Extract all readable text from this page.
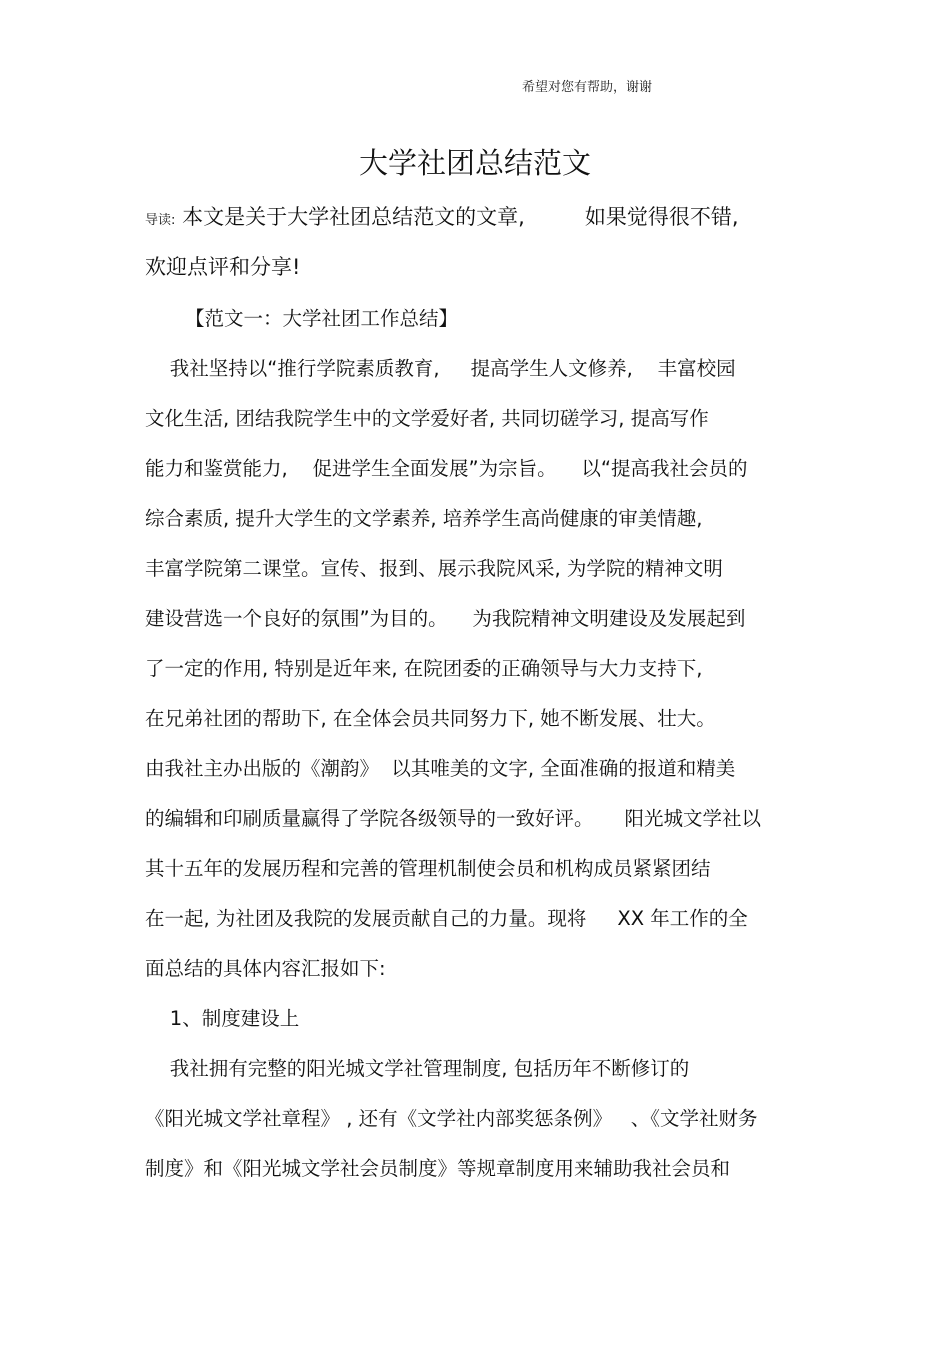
希望对您有帮助，谢谢
大学社团总结范文
导读: 本文是关于大学社团总结范文的文章,         如果觉得很不错,
欢迎点评和分享!
【范文一：大学社团工作总结】
我社坚持以“推行学院素质教育,     提高学生人文修养,    丰富校园
文化生活, 团结我院学生中的文学爱好者, 共同切磋学习, 提高写作
能力和鉴赏能力,    促进学生全面发展”为宗旨。    以“提高我社会员的
综合素质, 提升大学生的文学素养, 培养学生高尚健康的审美情趣,
丰富学院第二课堂。宣传、报到、展示我院风采, 为学院的精神文明
建设营选一个良好的氛围”为目的。    为我院精神文明建设及发展起到
了一定的作用, 特别是近年来, 在院团委的正确领导与大力支持下,
在兄弟社团的帮助下, 在全体会员共同努力下, 她不断发展、壮大。
由我社主办出版的《潮韵》  以其唯美的文字, 全面准确的报道和精美
的编辑和印刷质量赢得了学院各级领导的一致好评。     阳光城文学社以
其十五年的发展历程和完善的管理机制使会员和机构成员紧紧团结
在一起, 为社团及我院的发展贡献自己的力量。现将     XX 年工作的全
面总结的具体内容汇报如下:
1、制度建设上
我社拥有完整的阳光城文学社管理制度, 包括历年不断修订的
《阳光城文学社章程》 , 还有《文学社内部奖惩条例》   、《文学社财务
制度》和《阳光城文学社会员制度》等规章制度用来辅助我社会员和
